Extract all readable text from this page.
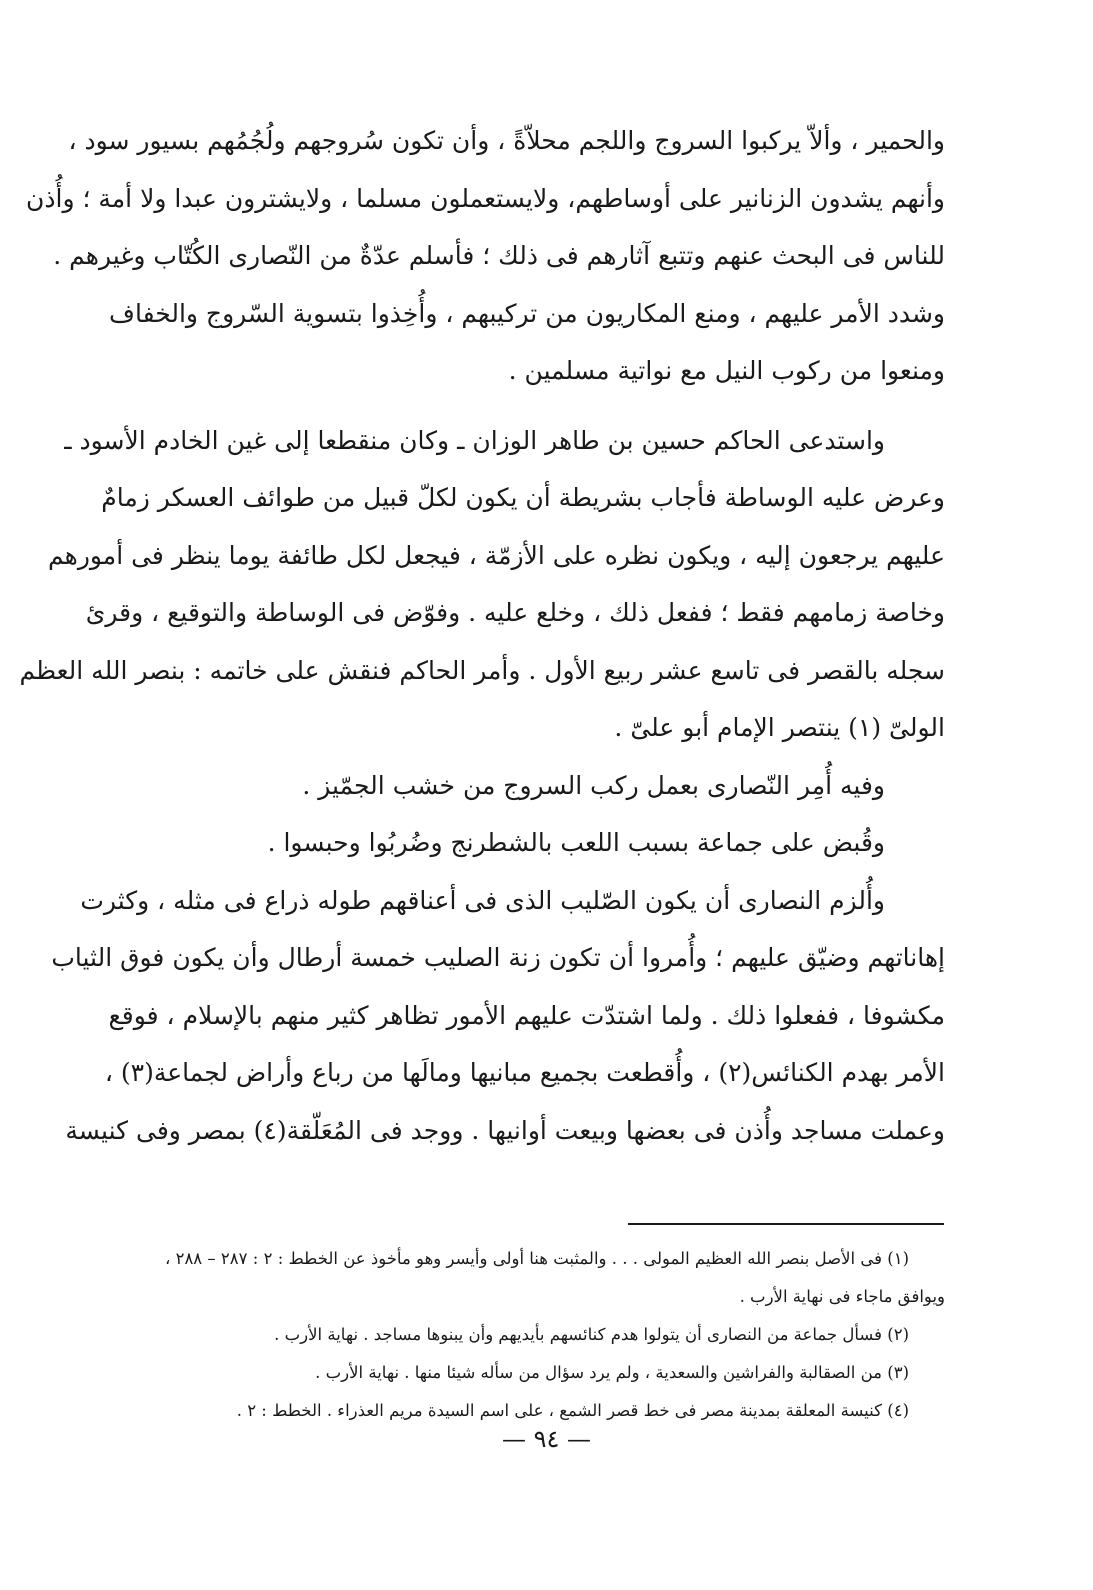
والحمير ، وألاّ يركبوا السروج واللجم محلاّةً ، وأن تكون سُروجهم ولُجُمُهم بسيور سود ،
وأنهم يشدون الزنانير على أوساطهم، ولايستعملون مسلما ، ولايشترون عبدا ولا أمة ؛ وأُذن
للناس فى البحث عنهم وتتبع آثارهم فى ذلك ؛ فأسلم عدّةٌ من النّصارى الكُتّاب وغيرهم .
وشدد الأمر عليهم ، ومنع المكاريون من تركيبهم ، وأُخِذوا بتسوية السّروج والخفاف
ومنعوا من ركوب النيل مع نواتية مسلمين .
واستدعى الحاكم حسين بن طاهر الوزان ـ وكان منقطعا إلى غين الخادم الأسود ـ
وعرض عليه الوساطة فأجاب بشريطة أن يكون لكلّ قبيل من طوائف العسكر زمامٌ
عليهم يرجعون إليه ، ويكون نظره على الأزمّة ، فيجعل لكل طائفة يوما ينظر فى أمورهم
وخاصة زمامهم فقط ؛ ففعل ذلك ، وخلع عليه . وفوّض فى الوساطة والتوقيع ، وقرئ
سجله بالقصر فى تاسع عشر ربيع الأول . وأمر الحاكم فنقش على خاتمه : بنصر الله العظم
الولىّ (١) ينتصر الإمام أبو علىّ .
وفيه أُمِر النّصارى بعمل ركب السروج من خشب الجمّيز .
وقُبض على جماعة بسبب اللعب بالشطرنج وضُربُوا وحبسوا .
وأُلزم النصارى أن يكون الصّليب الذى فى أعناقهم طوله ذراع فى مثله ، وكثرت
إهاناتهم وضيّق عليهم ؛ وأُمروا أن تكون زنة الصليب خمسة أرطال وأن يكون فوق الثياب
مكشوفا ، ففعلوا ذلك . ولما اشتدّت عليهم الأمور تظاهر كثير منهم بالإسلام ، فوقع
الأمر بهدم الكنائس(٢) ، وأُقطعت بجميع مبانيها ومالَها من رباع وأراض لجماعة(٣) ،
وعملت مساجد وأُذن فى بعضها وبيعت أوانيها . ووجد فى المُعَلّقة(٤) بمصر وفى كنيسة
(١) فى الأصل بنصر الله العظيم المولى . . . والمثبت هنا أولى وأيسر وهو مأخوذ عن الخطط : ٢ : ٢٨٧ – ٢٨٨ ،
ويوافق ماجاء فى نهاية الأرب .
(٢) فسأل جماعة من النصارى أن يتولوا هدم كنائسهم بأيديهم وأن يبنوها مساجد . نهاية الأرب .
(٣) من الصقالبة والفراشين والسعدية ، ولم يرد سؤال من سأله شيئا منها . نهاية الأرب .
(٤) كنيسة المعلقة بمدينة مصر فى خط قصر الشمع ، على اسم السيدة مريم العذراء . الخطط : ٢ .
— ٩٤ —
